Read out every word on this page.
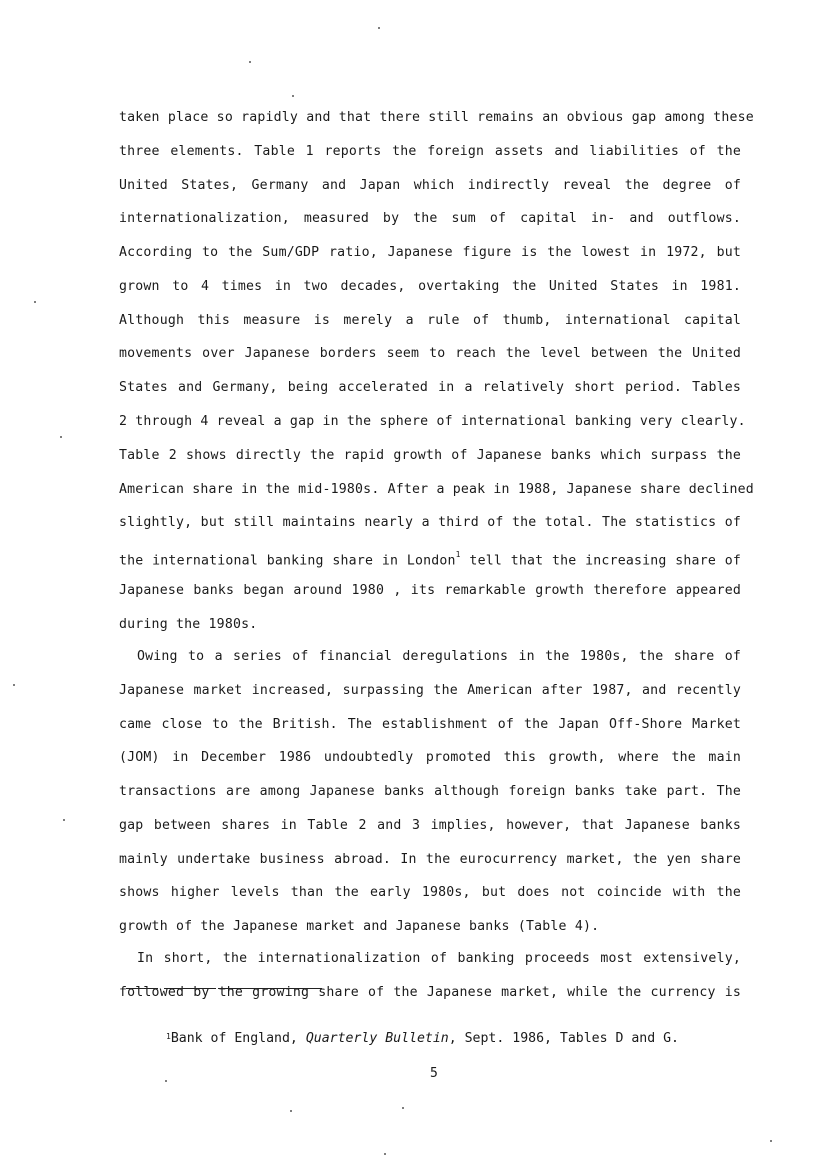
taken place so rapidly and that there still remains an obvious gap among these
three elements. Table 1 reports the foreign assets and liabilities of the
United States, Germany and Japan which indirectly reveal the degree of
internationalization, measured by the sum of capital in- and outflows.
According to the Sum/GDP ratio, Japanese figure is the lowest in 1972, but
grown to 4 times in two decades, overtaking the United States in 1981.
Although this measure is merely a rule of thumb, international capital
movements over Japanese borders seem to reach the level between the United
States and Germany, being accelerated in a relatively short period. Tables
2 through 4 reveal a gap in the sphere of international banking very clearly.
Table 2 shows directly the rapid growth of Japanese banks which surpass the
American share in the mid-1980s. After a peak in 1988, Japanese share declined
slightly, but still maintains nearly a third of the total. The statistics of
the international banking share in London$^1$ tell that the increasing share of
Japanese banks began around 1980 , its remarkable growth therefore appeared
during the 1980s.
Owing to a series of financial deregulations in the 1980s, the share of
Japanese market increased, surpassing the American after 1987, and recently
came close to the British. The establishment of the Japan Off-Shore Market
(JOM) in December 1986 undoubtedly promoted this growth, where the main
transactions are among Japanese banks although foreign banks take part. The
gap between shares in Table 2 and 3 implies, however, that Japanese banks
mainly undertake business abroad. In the eurocurrency market, the yen share
shows higher levels than the early 1980s, but does not coincide with the
growth of the Japanese market and Japanese banks (Table 4).
In short, the internationalization of banking proceeds most extensively,
followed by the growing share of the Japanese market, while the currency is
$^1$Bank of England, Quarterly Bulletin, Sept. 1986, Tables D and G.
5
